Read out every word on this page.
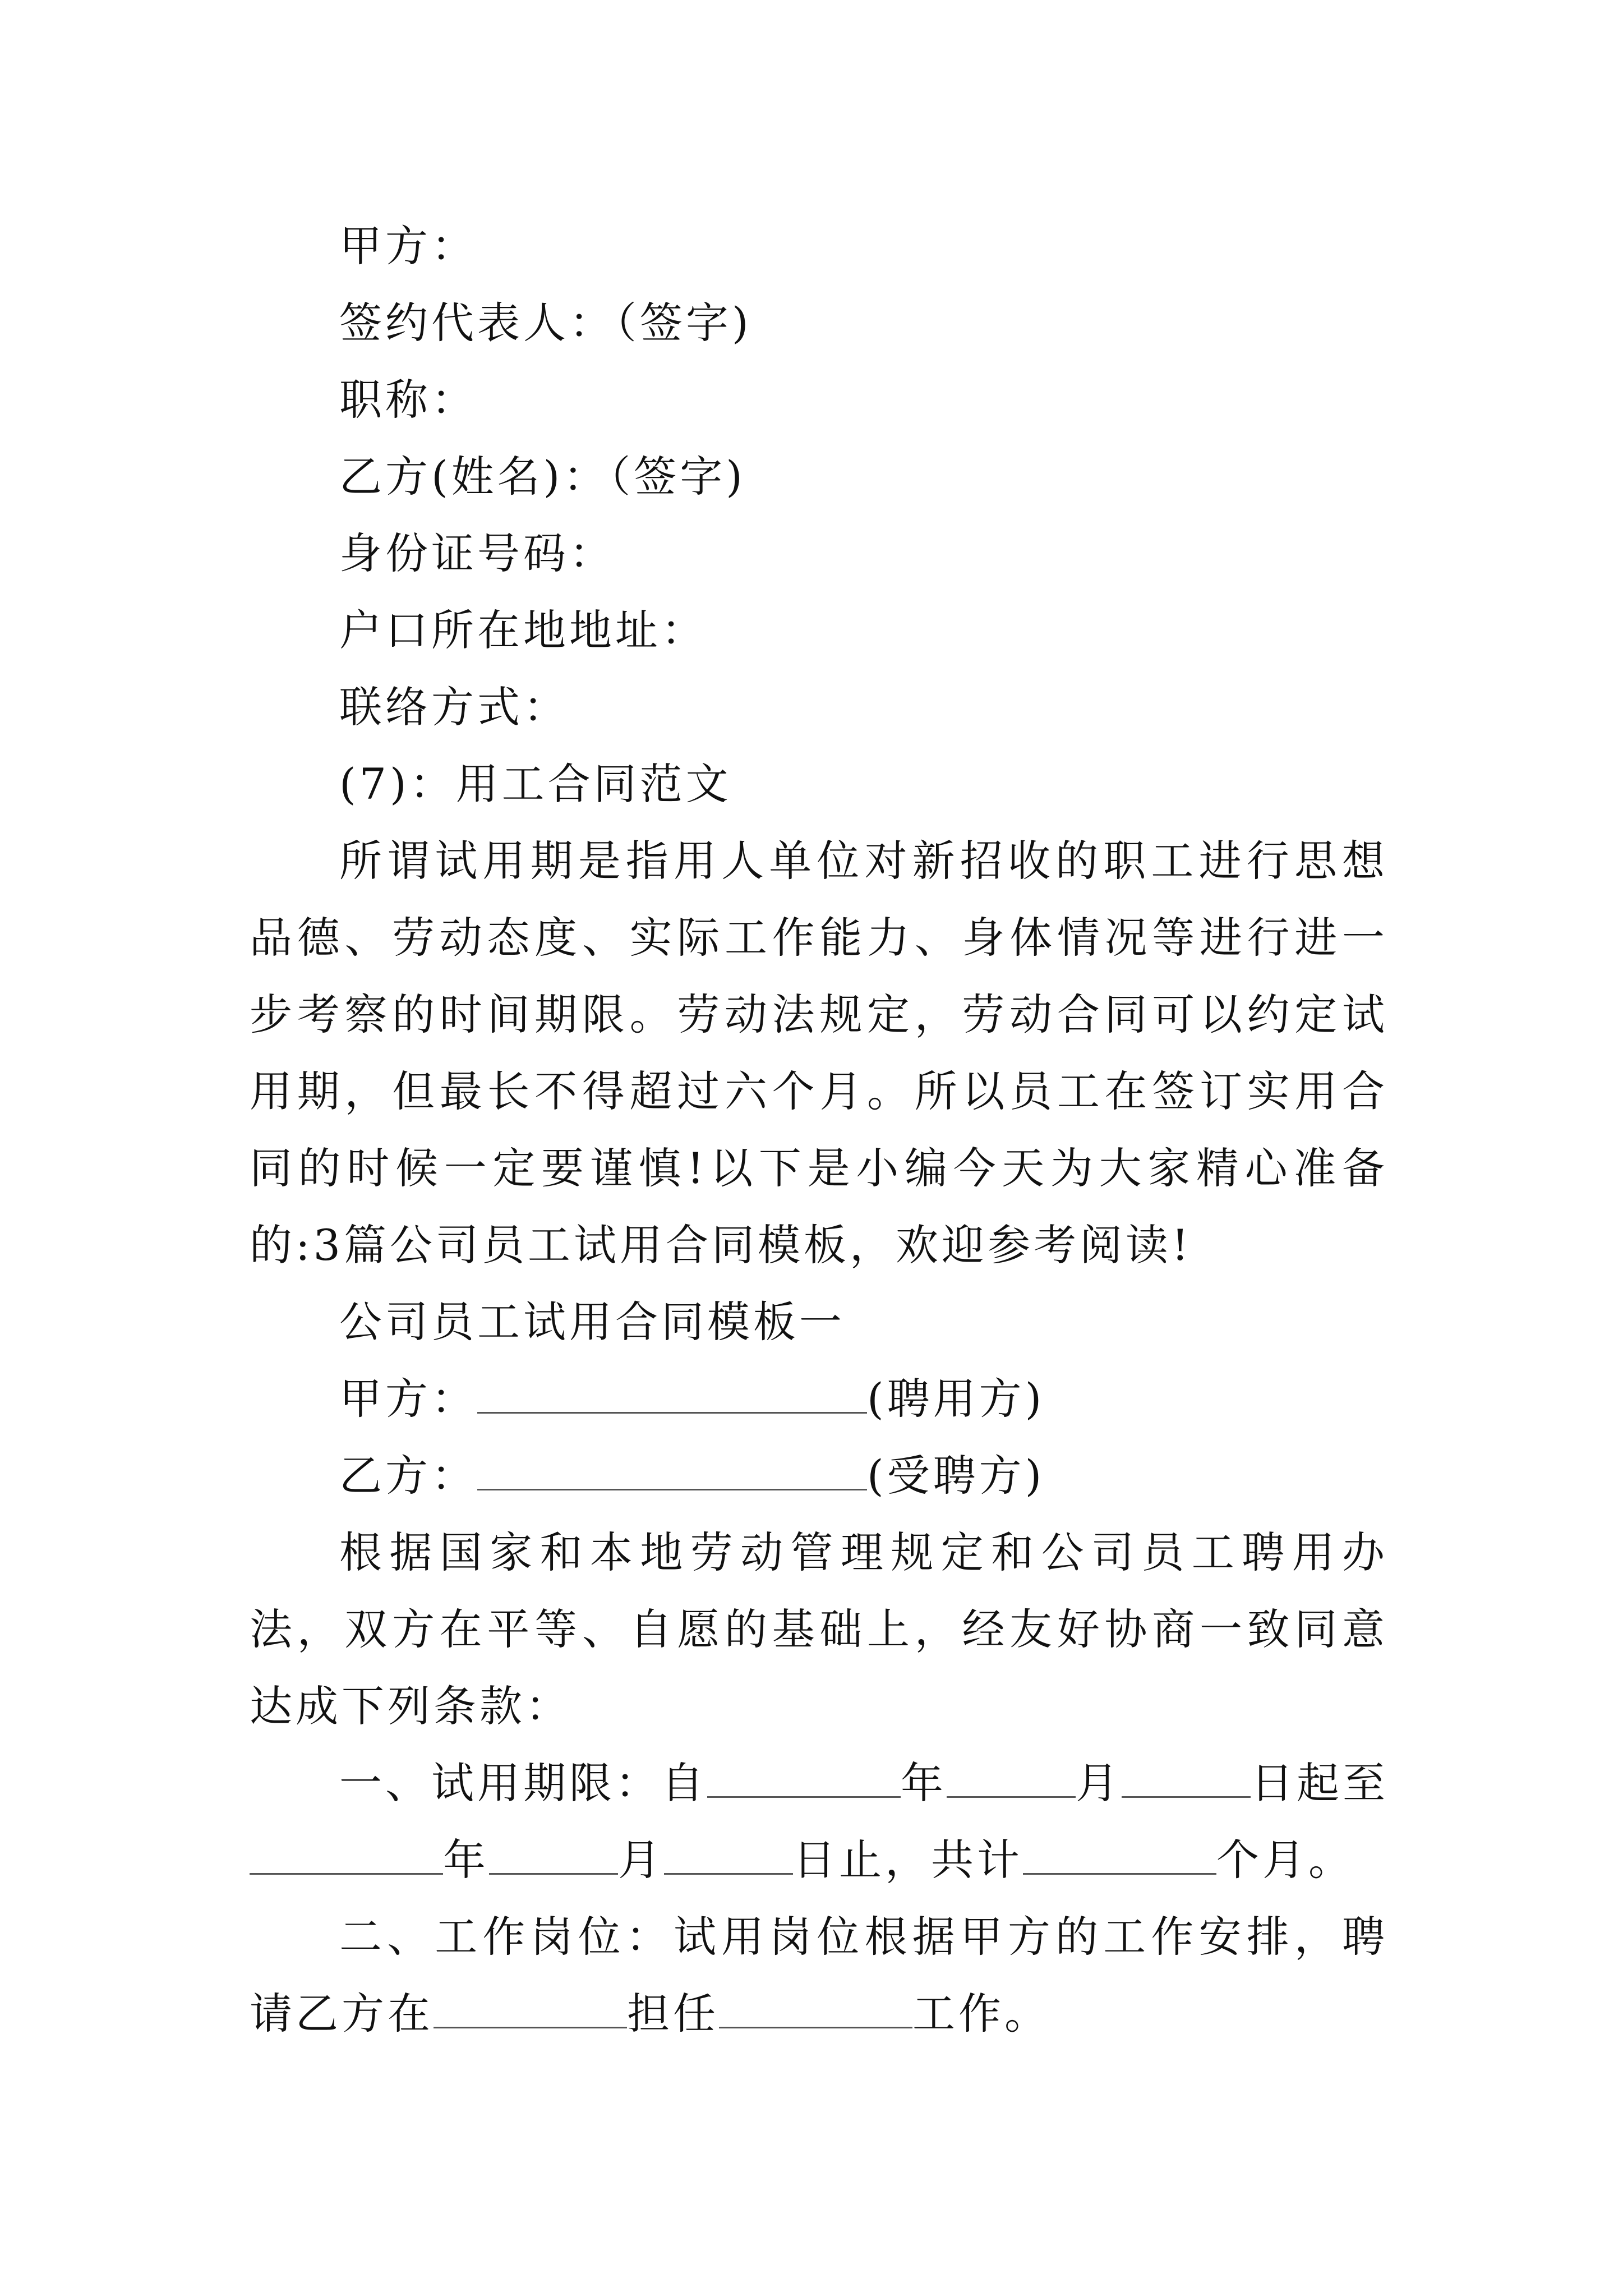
甲方：
签约代表人：（签字)
职称：
乙方(姓名)：（签字)
身份证号码：
户口所在地地址：
联络方式：
(7)：用工合同范文
所谓试用期是指用人单位对新招收的职工进行思想品德、劳动态度、实际工作能力、身体情况等进行进一步考察的时间期限。劳动法规定，劳动合同可以约定试用期，但最长不得超过六个月。所以员工在签订实用合同的时候一定要谨慎!以下是小编今天为大家精心准备的:3篇公司员工试用合同模板，欢迎参考阅读!
公司员工试用合同模板一
甲方：	(聘用方)
乙方：	(受聘方)
根据国家和本地劳动管理规定和公司员工聘用办法，双方在平等、自愿的基础上，经友好协商一致同意达成下列条款：
一、试用期限：自	年	月	日起至
年	月	日止，共计	个月。
二、工作岗位：试用岗位根据甲方的工作安排，聘请乙方在	担任	工作。
